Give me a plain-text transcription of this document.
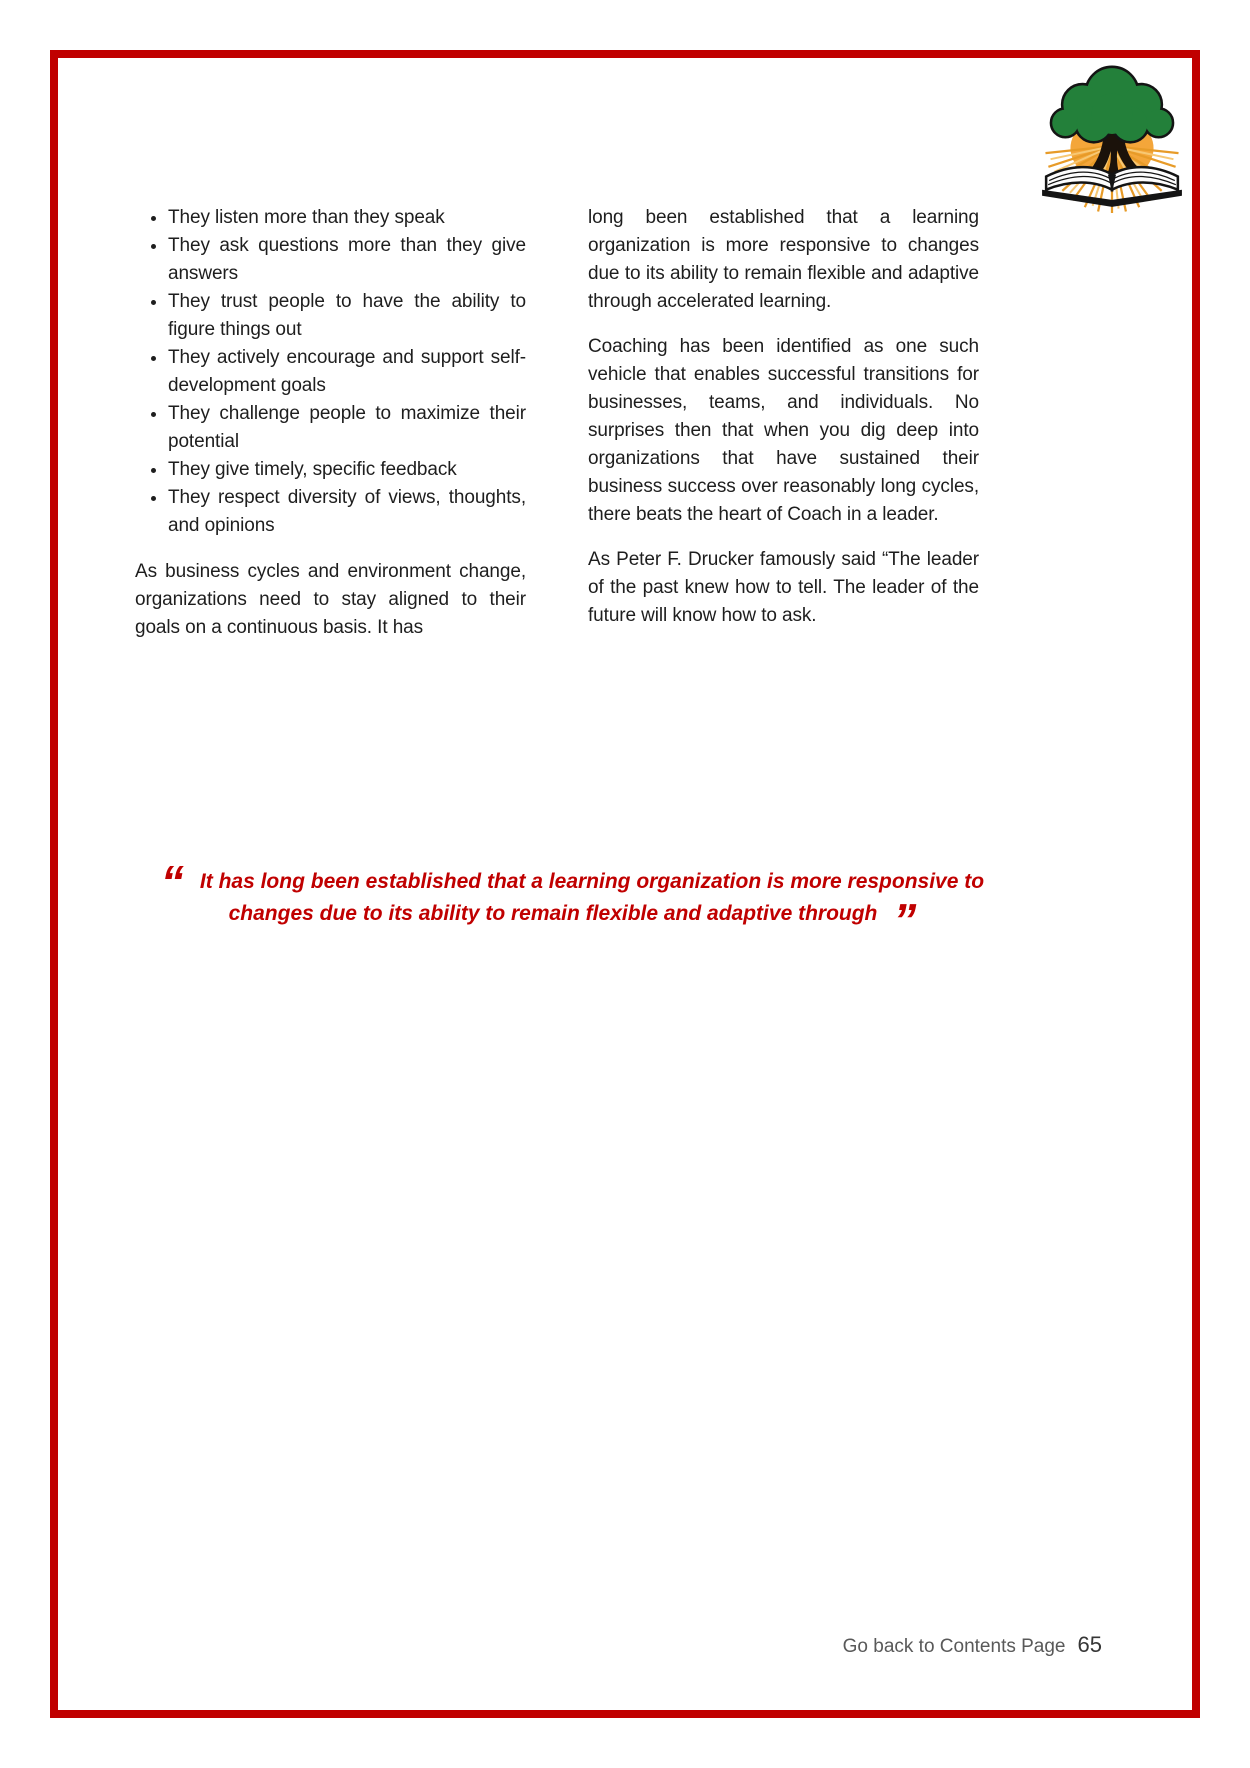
• They listen more than they speak
• They ask questions more than they give answers
• They trust people to have the ability to figure things out
• They actively encourage and support self-development goals
• They challenge people to maximize their potential
• They give timely, specific feedback
• They respect diversity of views, thoughts, and opinions

As business cycles and environment change, organizations need to stay aligned to their goals on a continuous basis. It has

long been established that a learning organization is more responsive to changes due to its ability to remain flexible and adaptive through accelerated learning.

Coaching has been identified as one such vehicle that enables successful transitions for businesses, teams, and individuals. No surprises then that when you dig deep into organizations that have sustained their business success over reasonably long cycles, there beats the heart of Coach in a leader.

As Peter F. Drucker famously said “The leader of the past knew how to tell. The leader of the future will know how to ask.

“ It has long been established that a learning organization is more responsive to changes due to its ability to remain flexible and adaptive through ”
Go back to Contents Page 65
